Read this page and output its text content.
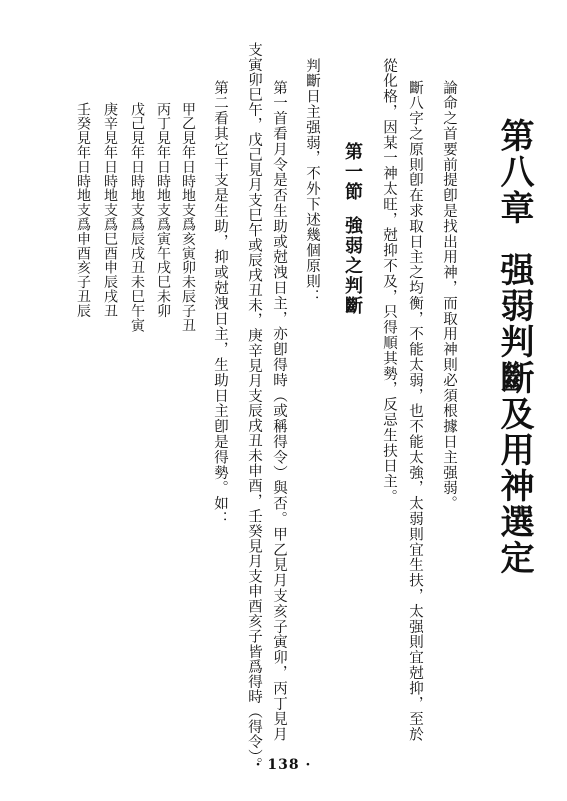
第八章强弱判斷及用神選定
論命之首要前提卽是找出用神，而取用神則必須根據日主强弱。
斷八字之原則卽在求取日主之均衡，不能太弱，也不能太強，太弱則宜生扶，太强則宜尅抑，至於
從化格，因某一神太旺，尅抑不及，只得順其勢，反忌生扶日主。
第一節強弱之判斷
判斷日主强弱，不外下述幾個原則：
第一首看月令是否生助或尅洩日主，亦卽得時（或稱得令）與否。甲乙見月支亥子寅卯，丙丁見月
支寅卯巳午，戊己見月支巳午或辰戌丑未，庚辛見月支辰戌丑未申酉，壬癸見月支申酉亥子皆爲得時（得令）。
第二看其它干支是生助，抑或尅洩日主，生助日主卽是得勢。如：
甲乙見年日時地支爲亥寅卯未辰子丑
丙丁見年日時地支爲寅午戌巳未卯
戊己見年日時地支爲辰戌丑未巳午寅
庚辛見年日時地支爲巳酉申辰戌丑
壬癸見年日時地支爲申酉亥子丑辰
· 138 ·
